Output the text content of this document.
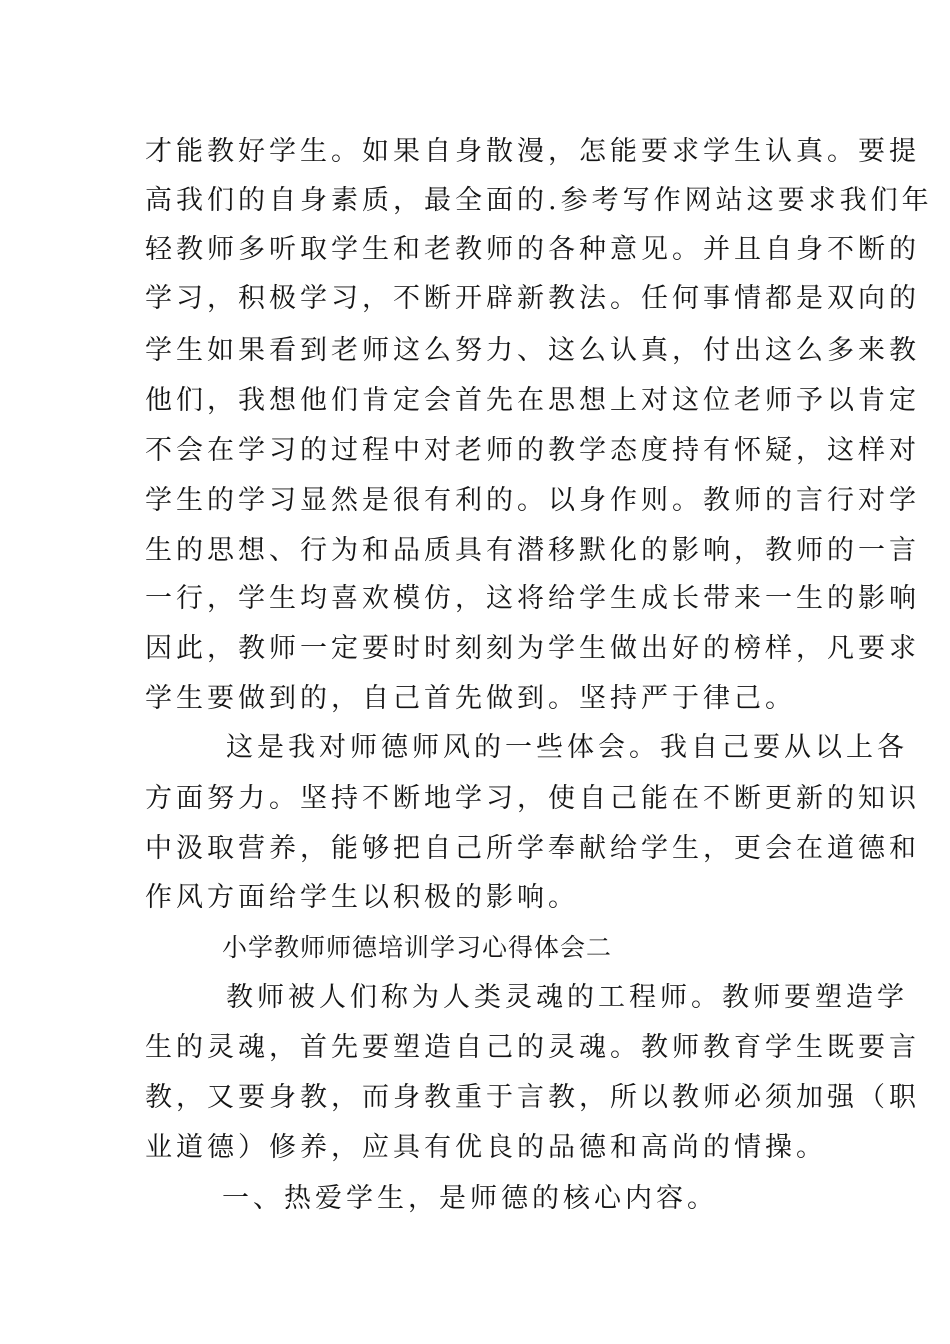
才能教好学生。如果自身散漫，怎能要求学生认真。要提
高我们的自身素质，最全面的.参考写作网站这要求我们年
轻教师多听取学生和老教师的各种意见。并且自身不断的
学习，积极学习，不断开辟新教法。任何事情都是双向的
学生如果看到老师这么努力、这么认真，付出这么多来教
他们，我想他们肯定会首先在思想上对这位老师予以肯定
不会在学习的过程中对老师的教学态度持有怀疑，这样对
学生的学习显然是很有利的。以身作则。教师的言行对学
生的思想、行为和品质具有潜移默化的影响，教师的一言
一行，学生均喜欢模仿，这将给学生成长带来一生的影响
因此，教师一定要时时刻刻为学生做出好的榜样，凡要求
学生要做到的，自己首先做到。坚持严于律己。
这是我对师德师风的一些体会。我自己要从以上各
方面努力。坚持不断地学习，使自己能在不断更新的知识
中汲取营养，能够把自己所学奉献给学生，更会在道德和
作风方面给学生以积极的影响。
小学教师师德培训学习心得体会二
教师被人们称为人类灵魂的工程师。教师要塑造学
生的灵魂，首先要塑造自己的灵魂。教师教育学生既要言
教，又要身教，而身教重于言教，所以教师必须加强（职
业道德）修养，应具有优良的品德和高尚的情操。
一、热爱学生，是师德的核心内容。
